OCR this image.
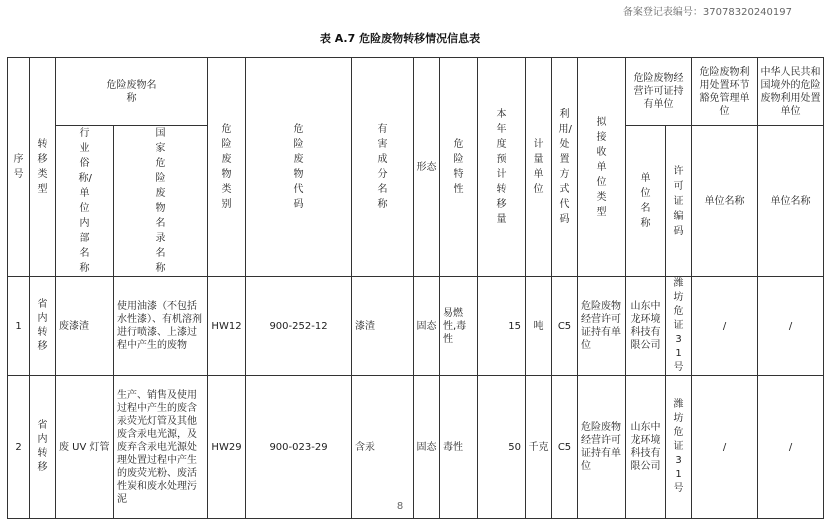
备案登记表编号：370783202401​97
表 A.7 危险废物转移情况信息表
序号	转移类型	危险废物名称		危险废物类别	危险废物代码	有害成分名称	形态	危险特性	本年度预计转移量	计量单位	利用/处置方式代码	拟接收单位类型	危险废物经营许可证持有单位		危险废物利用处置环节豁免管理单位	中华人民共和国境外的危险废物利用处置单位
		行业俗称/单位内部名称	国家危险废物名录名称										单位名称	许可证编码	单位名称	单位名称
1	省内转移	废漆渣	使用油漆（不包括水性漆）、有机溶剂进行喷漆、上漆过程中产生的废物	HW12	900-252-12	漆渣	固态	易燃性,毒性	15	吨	C5	危险废物经营许可证持有单位	山东中龙环境科技有限公司	潍坊危证31号	/	/
2	省内转移	废 UV 灯管	生产、销售及使用过程中产生的废含汞荧光灯管及其他废含汞电光源，及废弃含汞电光源处理处置过程中产生的废荧光粉、废活性炭和废水处理污泥	HW29	900-023-29	含汞	固态	毒性	50	千克	C5	危险废物经营许可证持有单位	山东中龙环境科技有限公司	潍坊危证31号	/	/
8
